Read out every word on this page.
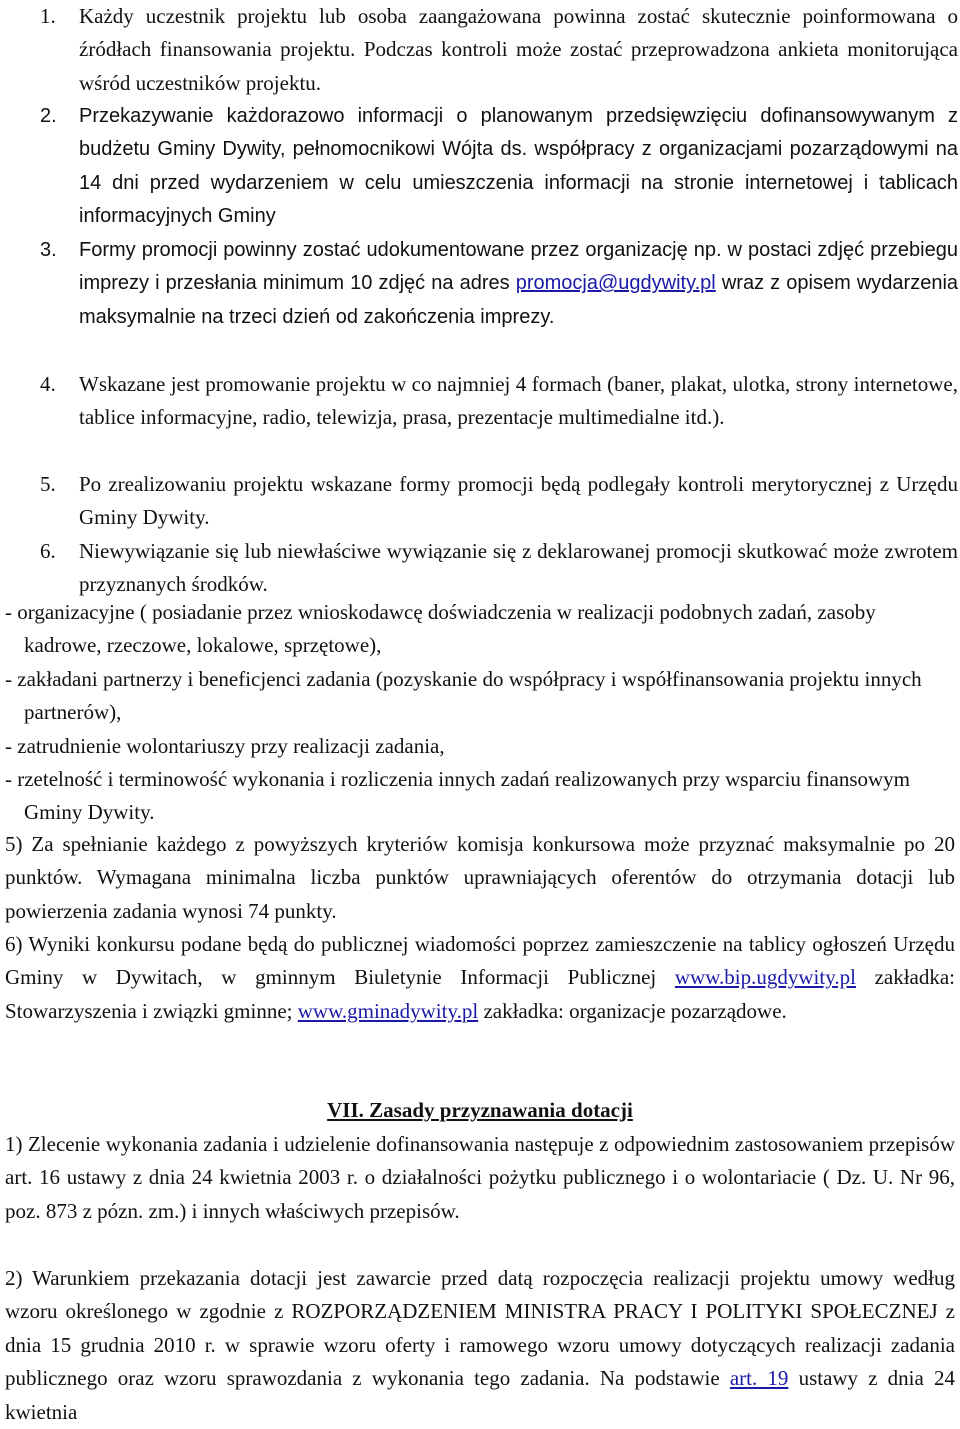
1.	Każdy uczestnik projektu lub osoba zaangażowana powinna zostać skutecznie poinformowana o źródłach finansowania projektu. Podczas kontroli może zostać przeprowadzona ankieta monitorująca wśród uczestników projektu.
2.	Przekazywanie każdorazowo informacji o planowanym przedsięwzięciu dofinansowywanym z budżetu Gminy Dywity, pełnomocnikowi Wójta ds. współpracy z organizacjami pozarządowymi na 14 dni przed wydarzeniem w celu umieszczenia informacji na stronie internetowej i tablicach informacyjnych Gminy
3.	Formy promocji powinny zostać udokumentowane przez organizację np. w postaci zdjęć przebiegu imprezy i przesłania minimum 10 zdjęć na adres promocja@ugdywity.pl wraz z opisem wydarzenia maksymalnie na trzeci dzień od zakończenia imprezy.
4.	Wskazane jest promowanie projektu w co najmniej 4 formach (baner, plakat, ulotka, strony internetowe, tablice informacyjne, radio, telewizja, prasa, prezentacje multimedialne itd.).
5.	Po zrealizowaniu projektu wskazane formy promocji będą podlegały kontroli merytorycznej z Urzędu Gminy Dywity.
6.	Niewywiązanie się lub niewłaściwe wywiązanie się z deklarowanej promocji skutkować może zwrotem przyznanych środków.
- organizacyjne ( posiadanie przez wnioskodawcę doświadczenia w realizacji podobnych zadań, zasoby kadrowe, rzeczowe, lokalowe, sprzętowe),
- zakładani partnerzy i beneficjenci zadania (pozyskanie do współpracy i współfinansowania projektu innych partnerów),
- zatrudnienie wolontariuszy przy realizacji zadania,
- rzetelność i terminowość wykonania i rozliczenia innych zadań realizowanych przy wsparciu finansowym Gminy Dywity.
5) Za spełnianie każdego z powyższych kryteriów komisja konkursowa może przyznać maksymalnie po 20 punktów. Wymagana minimalna liczba punktów uprawniających oferentów do otrzymania dotacji lub powierzenia zadania wynosi 74 punkty.
6) Wyniki konkursu podane będą do publicznej wiadomości poprzez zamieszczenie na tablicy ogłoszeń Urzędu Gminy w Dywitach, w gminnym Biuletynie Informacji Publicznej www.bip.ugdywity.pl zakładka: Stowarzyszenia i związki gminne; www.gminadywity.pl zakładka: organizacje pozarządowe.
VII. Zasady przyznawania dotacji
1) Zlecenie wykonania zadania i udzielenie dofinansowania następuje z odpowiednim zastosowaniem przepisów art. 16 ustawy z dnia 24 kwietnia 2003 r. o działalności pożytku publicznego i o wolontariacie ( Dz. U. Nr 96, poz. 873 z pózn. zm.) i innych właściwych przepisów.
2) Warunkiem przekazania dotacji jest zawarcie przed datą rozpoczęcia realizacji projektu umowy według wzoru określonego w zgodnie z ROZPORZĄDZENIEM MINISTRA PRACY I POLITYKI SPOŁECZNEJ z dnia 15 grudnia 2010 r. w sprawie wzoru oferty i ramowego wzoru umowy dotyczących realizacji zadania publicznego oraz wzoru sprawozdania z wykonania tego zadania. Na podstawie art. 19 ustawy z dnia 24 kwietnia
